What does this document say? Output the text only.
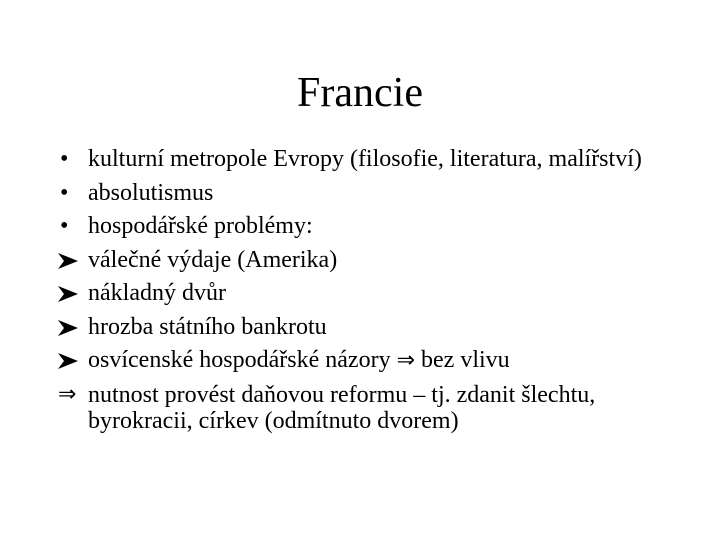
Francie
• kulturní metropole Evropy (filosofie, literatura, malířství)
• absolutismus
• hospodářské problémy:
válečné výdaje (Amerika)
nákladný dvůr
hrozba státního bankrotu
osvícenské hospodářské názory ⇒ bez vlivu
⇒ nutnost provést daňovou reformu – tj. zdanit šlechtu, byrokracii, církev (odmítnuto dvorem)
